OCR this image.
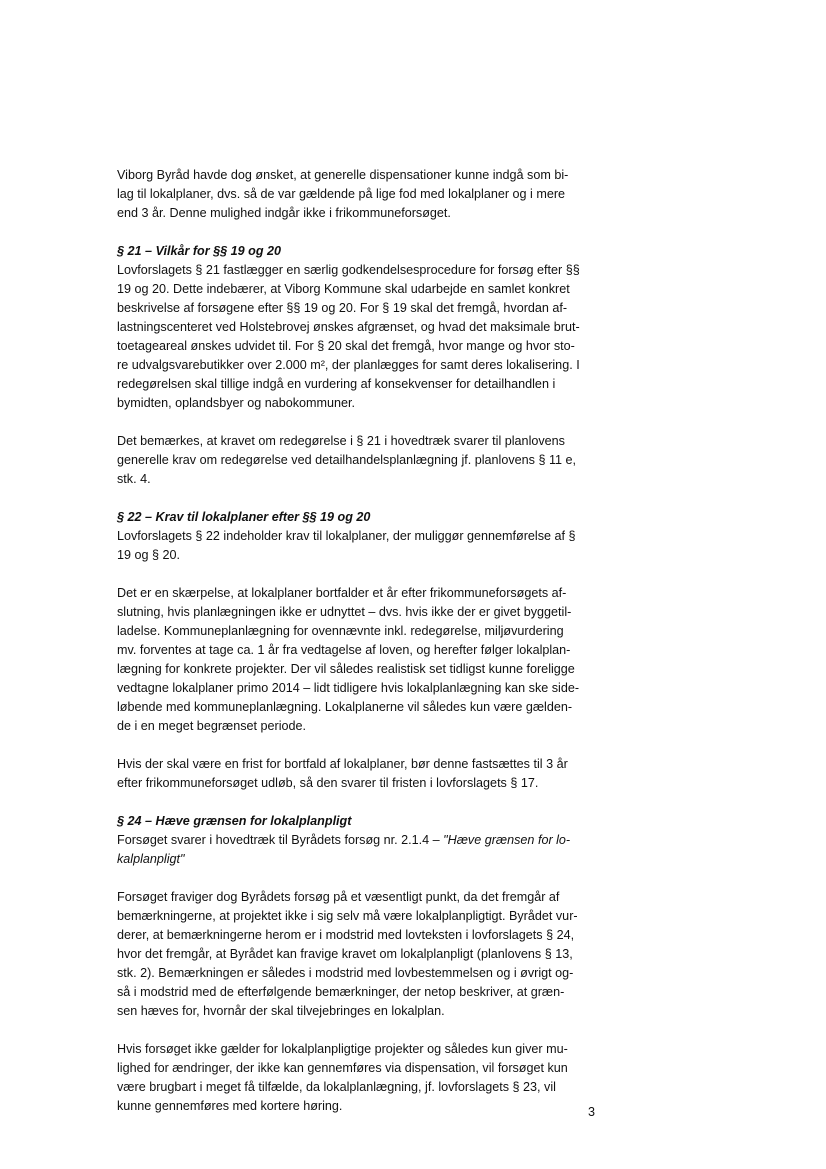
Viborg Byråd havde dog ønsket, at generelle dispensationer kunne indgå som bi-
lag til lokalplaner, dvs. så de var gældende på lige fod med lokalplaner og i mere
end 3 år. Denne mulighed indgår ikke i frikommuneforsøget.

§ 21 – Vilkår for §§ 19 og 20

Lovforslagets § 21 fastlægger en særlig godkendelsesprocedure for forsøg efter §§
19 og 20. Dette indebærer, at Viborg Kommune skal udarbejde en samlet konkret
beskrivelse af forsøgene efter §§ 19 og 20. For § 19 skal det fremgå, hvordan af-
lastningscenteret ved Holstebrovej ønskes afgrænset, og hvad det maksimale brut-
toetageareal ønskes udvidet til. For § 20 skal det fremgå, hvor mange og hvor sto-
re udvalgsvarebutikker over 2.000 m², der planlægges for samt deres lokalisering. I
redegørelsen skal tillige indgå en vurdering af konsekvenser for detailhandlen i
bymidten, oplandsbyer og nabokommuner.

Det bemærkes, at kravet om redegørelse i § 21 i hovedtræk svarer til planlovens
generelle krav om redegørelse ved detailhandelsplanlægning jf. planlovens § 11 e,
stk. 4.

§ 22 – Krav til lokalplaner efter §§ 19 og 20

Lovforslagets § 22 indeholder krav til lokalplaner, der muliggør gennemførelse af §
19 og § 20.

Det er en skærpelse, at lokalplaner bortfalder et år efter frikommuneforsøgets af-
slutning, hvis planlægningen ikke er udnyttet – dvs. hvis ikke der er givet byggetil-
ladelse. Kommuneplanlægning for ovennævnte inkl. redegørelse, miljøvurdering
mv. forventes at tage ca. 1 år fra vedtagelse af loven, og herefter følger lokalplan-
lægning for konkrete projekter. Der vil således realistisk set tidligst kunne foreligge
vedtagne lokalplaner primo 2014 – lidt tidligere hvis lokalplanlægning kan ske side-
løbende med kommuneplanlægning. Lokalplanerne vil således kun være gælden-
de i en meget begrænset periode.

Hvis der skal være en frist for bortfald af lokalplaner, bør denne fastsættes til 3 år
efter frikommuneforsøget udløb, så den svarer til fristen i lovforslagets § 17.

§ 24 – Hæve grænsen for lokalplanpligt

Forsøget svarer i hovedtræk til Byrådets forsøg nr. 2.1.4 – "Hæve grænsen for lo-
kalplanpligt"

Forsøget fraviger dog Byrådets forsøg på et væsentligt punkt, da det fremgår af
bemærkningerne, at projektet ikke i sig selv må være lokalplanpligtigt. Byrådet vur-
derer, at bemærkningerne herom er i modstrid med lovteksten i lovforslagets § 24,
hvor det fremgår, at Byrådet kan fravige kravet om lokalplanpligt (planlovens § 13,
stk. 2). Bemærkningen er således i modstrid med lovbestemmelsen og i øvrigt og-
så i modstrid med de efterfølgende bemærkninger, der netop beskriver, at græn-
sen hæves for, hvornår der skal tilvejebringes en lokalplan.

Hvis forsøget ikke gælder for lokalplanpligtige projekter og således kun giver mu-
lighed for ændringer, der ikke kan gennemføres via dispensation, vil forsøget kun
være brugbart i meget få tilfælde, da lokalplanlægning, jf. lovforslagets § 23, vil
kunne gennemføres med kortere høring.	3
